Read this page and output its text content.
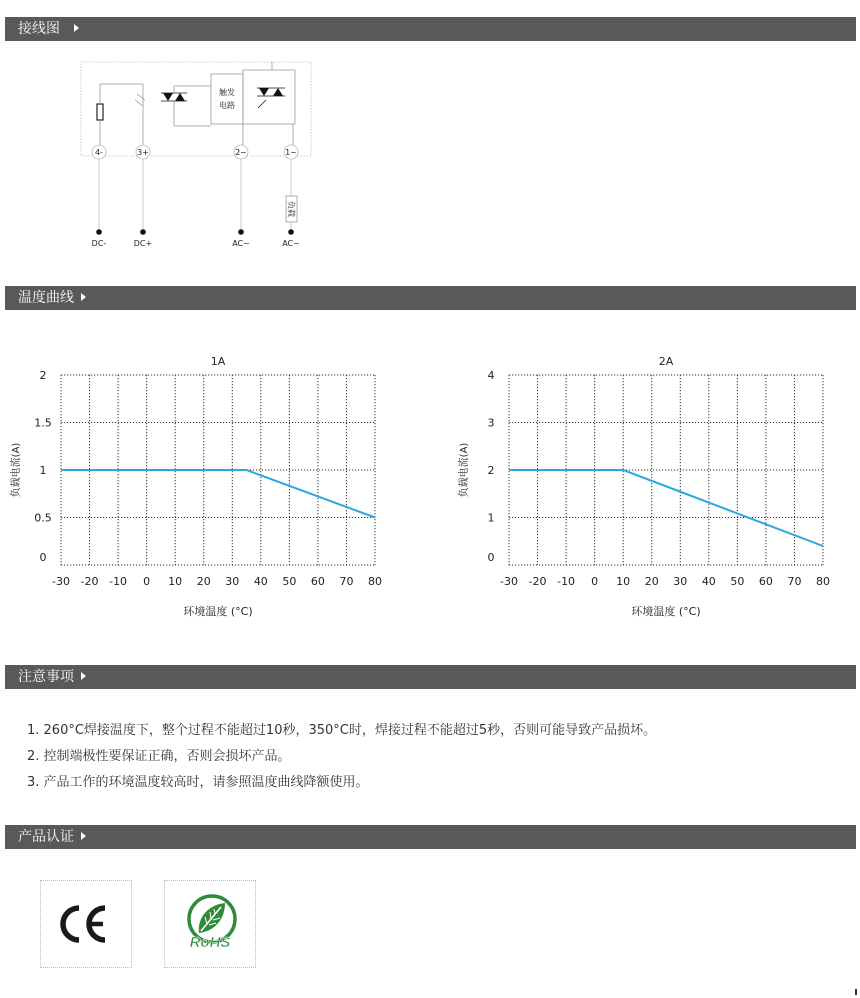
接线图
温度曲线
注意事项
产品认证
触发
电路
4-	3+	2~	1~
负载
DC-	DC+	AC~	AC~
-30 -20 -10 0 10 20 30 40 50 60 70 80
0
0.5
1
1.5
2
1A
环境温度 (°C)
负载电流(A)
-30 -20 -10 0 10 20 30 40 50 60 70 80
0
1
2
3
4
2A
环境温度 (°C)
负载电流(A)
1. 260°C焊接温度下，整个过程不能超过10秒，350°C时，焊接过程不能超过5秒，否则可能导致产品损坏。
2. 控制端极性要保证正确，否则会损坏产品。
3. 产品工作的环境温度较高时，请参照温度曲线降额使用。
RoHS
